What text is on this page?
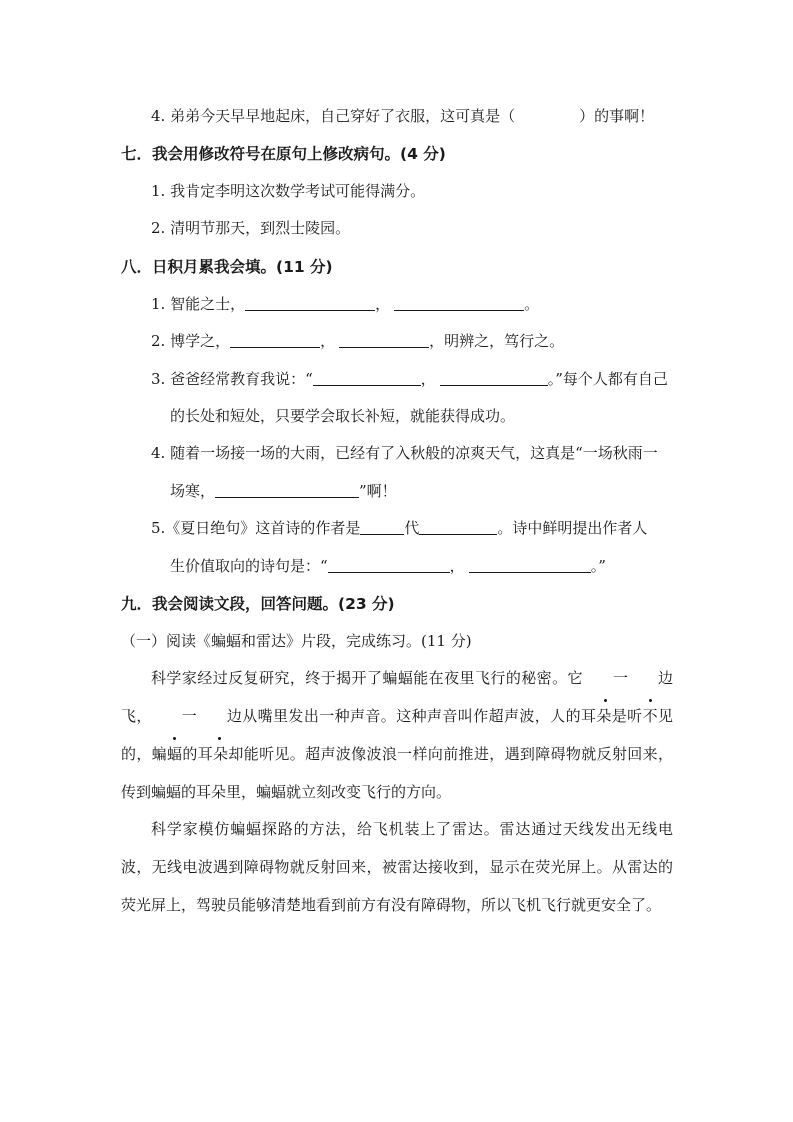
4. 弟弟今天早早地起床，自己穿好了衣服，这可真是（	）的事啊！
七．我会用修改符号在原句上修改病句。(4 分)
1. 我肯定李明这次数学考试可能得满分。
2. 清明节那天，到烈士陵园。
八．日积月累我会填。(11 分)
1. 智能之士，	，	。
2. 博学之，	，	，明辨之，笃行之。
3. 爸爸经常教育我说：“	，	。”每个人都有自己
的长处和短处，只要学会取长补短，就能获得成功。
4. 随着一场接一场的大雨，已经有了入秋般的凉爽天气，这真是“一场秋雨一
场寒，	”啊！
5.《夏日绝句》这首诗的作者是	代	。诗中鲜明提出作者人
生价值取向的诗句是：“	，	。”
九．我会阅读文段，回答问题。(23 分)
（一）阅读《蝙蝠和雷达》片段，完成练习。(11 分)
科学家经过反复研究，终于揭开了蝙蝠能在夜里飞行的秘密。它 一 边飞， 一 边从嘴里发出一种声音。这种声音叫作超声波，人的耳朵是听不见的，蝙蝠的耳朵却能听见。超声波像波浪一样向前推进，遇到障碍物就反射回来，传到蝙蝠的耳朵里，蝙蝠就立刻改变飞行的方向。
科学家模仿蝙蝠探路的方法，给飞机装上了雷达。雷达通过天线发出无线电波，无线电波遇到障碍物就反射回来，被雷达接收到，显示在荧光屏上。从雷达的荧光屏上，驾驶员能够清楚地看到前方有没有障碍物，所以飞机飞行就更安全了。
